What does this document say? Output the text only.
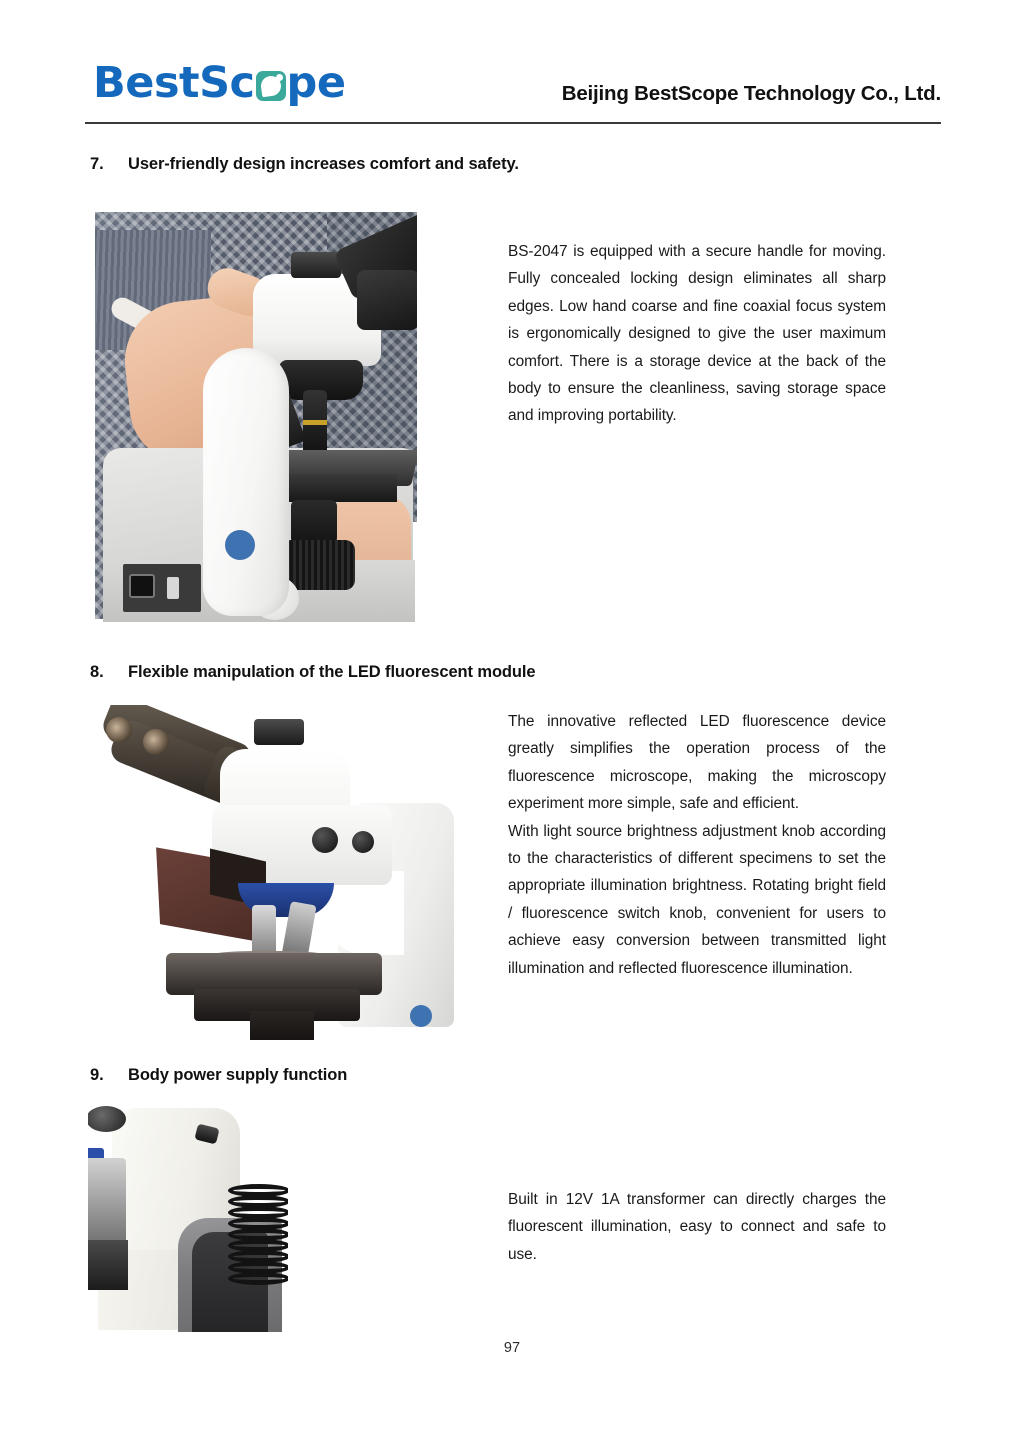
BestSc pe	Beijing BestScope Technology Co., Ltd.
7. User-friendly design increases comfort and safety.

BS-2047 is equipped with a secure handle for moving. Fully concealed locking design eliminates all sharp edges. Low hand coarse and fine coaxial focus system is ergonomically designed to give the user maximum comfort. There is a storage device at the back of the body to ensure the cleanliness, saving storage space and improving portability.

8. Flexible manipulation of the LED fluorescent module

The innovative reflected LED fluorescence device greatly simplifies the operation process of the fluorescence microscope, making the microscopy experiment more simple, safe and efficient.

With light source brightness adjustment knob according to the characteristics of different specimens to set the appropriate illumination brightness. Rotating bright field / fluorescence switch knob, convenient for users to achieve easy conversion between transmitted light illumination and reflected fluorescence illumination.

9. Body power supply function

Built in 12V 1A transformer can directly charges the fluorescent illumination, easy to connect and safe to use.

97
